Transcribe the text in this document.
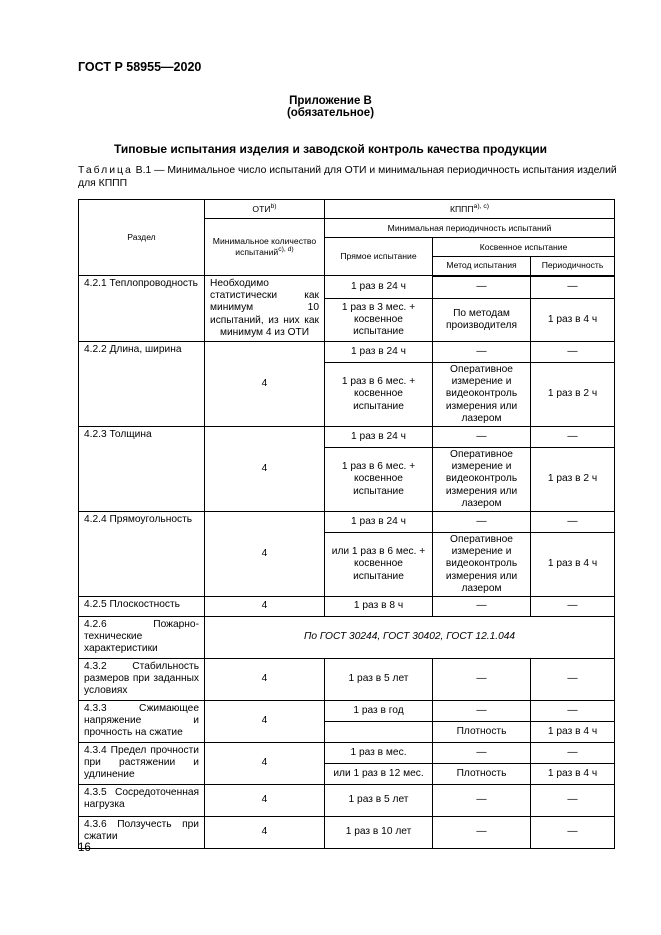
ГОСТ Р 58955—2020
Приложение В
(обязательное)
Типовые испытания изделия и заводской контроль качества продукции
Таблица В.1 — Минимальное число испытаний для ОТИ и минимальная периодичность испытания изделий для КППП
Раздел	ОТИ$^{b)}$	$КППП^{a), c)}$
	Минимальное количество испытаний$^{c), d)}$	Минимальная периодичность испытаний		
		Прямое испытание	Косвенное испытание	
			Метод испытания	Периодичность
4.2.1 Теплопроводность	Необходимо статистически как минимум 10 испытаний, из них как минимум 4 из ОТИ	1 раз в 24 ч	—	—
		1 раз в 3 мес. + косвенное испытание	По методам производителя	1 раз в 4 ч
4.2.2 Длина, ширина	4	1 раз в 24 ч	—	—
		1 раз в 6 мес. + косвенное испытание	Оперативное измерение и видеоконтроль измерения или лазером	1 раз в 2 ч
4.2.3 Толщина	4	1 раз в 24 ч	—	—
		1 раз в 6 мес. + косвенное испытание	Оперативное измерение и видеоконтроль измерения или лазером	1 раз в 2 ч
4.2.4 Прямоугольность	4	1 раз в 24 ч	—	—
		или 1 раз в 6 мес. + косвенное испытание	Оперативное измерение и видеоконтроль измерения или лазером	1 раз в 4 ч
4.2.5 Плоскостность	4	1 раз в 8 ч	—	—
4.2.6 Пожарно-технические характеристики	По ГОСТ 30244, ГОСТ 30402, ГОСТ 12.1.044			
4.3.2 Стабильность размеров при заданных условиях	4	1 раз в 5 лет	—	—
4.3.3 Сжимающее напряжение и прочность на сжатие	4	1 раз в год	—	—
			Плотность	1 раз в 4 ч
4.3.4 Предел прочности при растяжении и удлинение	4	1 раз в мес.	—	—
		или 1 раз в 12 мес.	Плотность	1 раз в 4 ч
4.3.5 Сосредоточенная нагрузка	4	1 раз в 5 лет	—	—
4.3.6 Ползучесть при сжатии	4	1 раз в 10 лет	—	—
16
